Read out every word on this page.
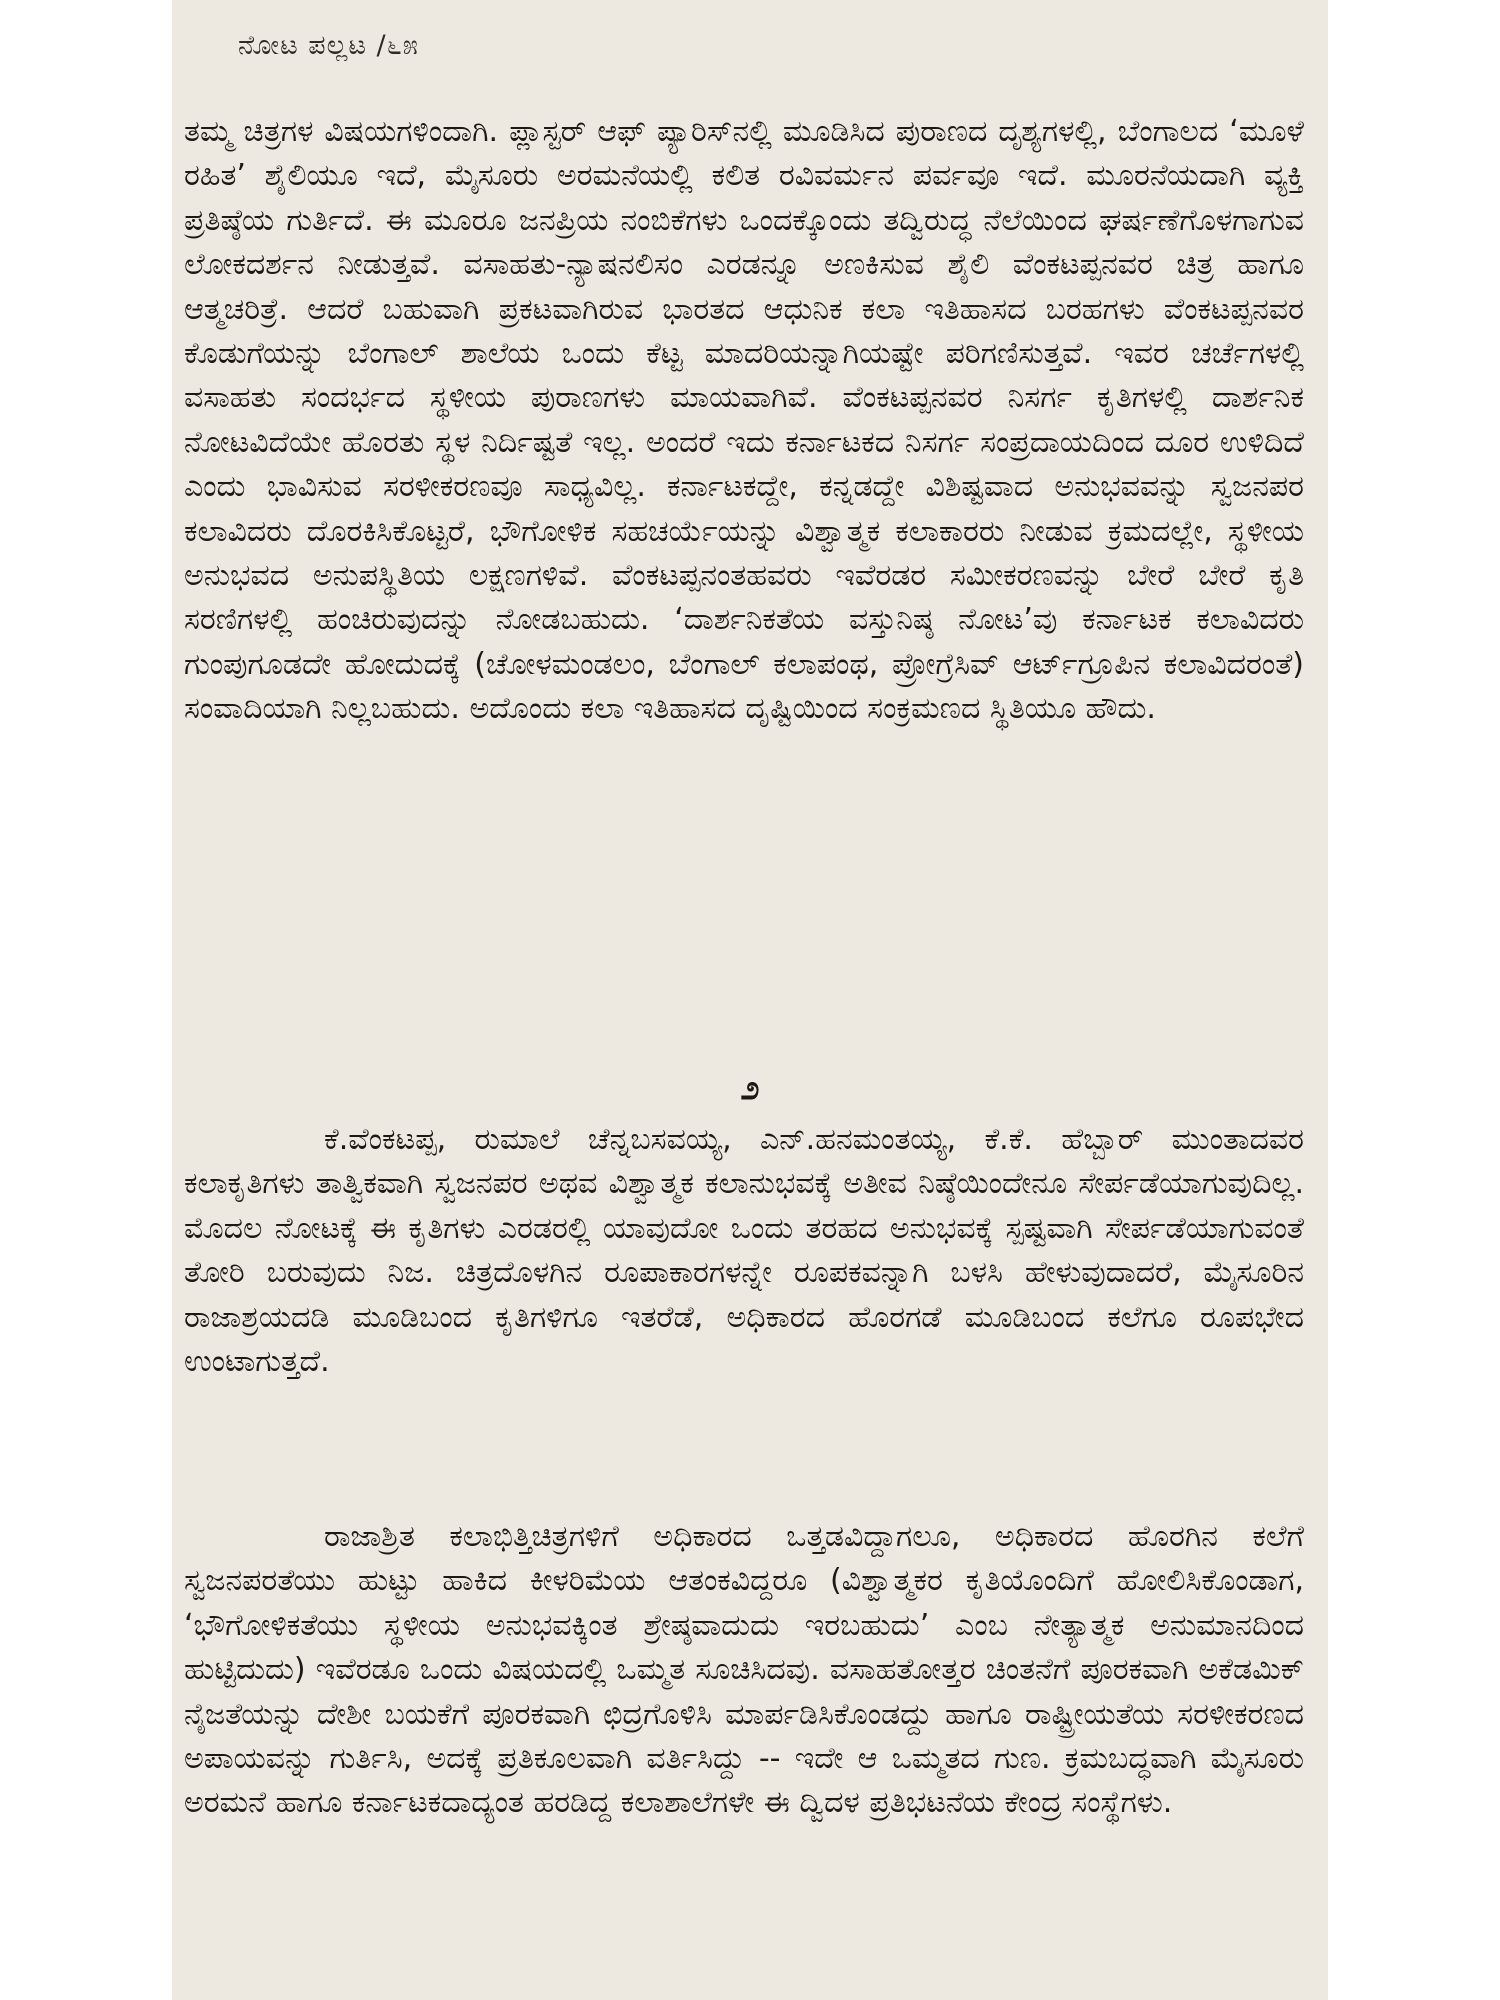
ನೋಟ ಪಲ್ಲಟ /೬೫

ತಮ್ಮ ಚಿತ್ರಗಳ ವಿಷಯಗಳಿಂದಾಗಿ. ಪ್ಲಾಸ್ಟರ್ ಆಫ್ ಪ್ಯಾರಿಸ್‌ನಲ್ಲಿ ಮೂಡಿಸಿದ ಪುರಾಣದ ದೃಶ್ಯಗಳಲ್ಲಿ, ಬೆಂಗಾಲದ ‘ಮೂಳೆ ರಹಿತ’ ಶೈಲಿಯೂ ಇದೆ, ಮೈಸೂರು ಅರಮನೆಯಲ್ಲಿ ಕಲಿತ ರವಿವರ್ಮನ ಪರ್ವವೂ ಇದೆ. ಮೂರನೆಯದಾಗಿ ವ್ಯಕ್ತಿ ಪ್ರತಿಷ್ಠೆಯ ಗುರ್ತಿದೆ. ಈ ಮೂರೂ ಜನಪ್ರಿಯ ನಂಬಿಕೆಗಳು ಒಂದಕ್ಕೊಂದು ತದ್ವಿರುದ್ಧ ನೆಲೆಯಿಂದ ಘರ್ಷಣೆಗೊಳಗಾಗುವ ಲೋಕದರ್ಶನ ನೀಡುತ್ತವೆ. ವಸಾಹತು-ನ್ಯಾಷನಲಿಸಂ ಎರಡನ್ನೂ ಅಣಕಿಸುವ ಶೈಲಿ ವೆಂಕಟಪ್ಪನವರ ಚಿತ್ರ ಹಾಗೂ ಆತ್ಮಚರಿತ್ರೆ. ಆದರೆ ಬಹುವಾಗಿ ಪ್ರಕಟವಾಗಿರುವ ಭಾರತದ ಆಧುನಿಕ ಕಲಾ ಇತಿಹಾಸದ ಬರಹಗಳು ವೆಂಕಟಪ್ಪನವರ ಕೊಡುಗೆಯನ್ನು ಬೆಂಗಾಲ್ ಶಾಲೆಯ ಒಂದು ಕೆಟ್ಟ ಮಾದರಿಯನ್ನಾಗಿಯಷ್ಟೇ ಪರಿಗಣಿಸುತ್ತವೆ. ಇವರ ಚರ್ಚೆಗಳಲ್ಲಿ ವಸಾಹತು ಸಂದರ್ಭದ ಸ್ಥಳೀಯ ಪುರಾಣಗಳು ಮಾಯವಾಗಿವೆ. ವೆಂಕಟಪ್ಪನವರ ನಿಸರ್ಗ ಕೃತಿಗಳಲ್ಲಿ ದಾರ್ಶನಿಕ ನೋಟವಿದೆಯೇ ಹೊರತು ಸ್ಥಳ ನಿರ್ದಿಷ್ಟತೆ ಇಲ್ಲ. ಅಂದರೆ ಇದು ಕರ್ನಾಟಕದ ನಿಸರ್ಗ ಸಂಪ್ರದಾಯದಿಂದ ದೂರ ಉಳಿದಿದೆ ಎಂದು ಭಾವಿಸುವ ಸರಳೀಕರಣವೂ ಸಾಧ್ಯವಿಲ್ಲ. ಕರ್ನಾಟಕದ್ದೇ, ಕನ್ನಡದ್ದೇ ವಿಶಿಷ್ಟವಾದ ಅನುಭವವನ್ನು ಸ್ವಜನಪರ ಕಲಾವಿದರು ದೊರಕಿಸಿಕೊಟ್ಟರೆ, ಭೌಗೋಳಿಕ ಸಹಚರ್ಯೆಯನ್ನು ವಿಶ್ವಾತ್ಮಕ ಕಲಾಕಾರರು ನೀಡುವ ಕ್ರಮದಲ್ಲೇ, ಸ್ಥಳೀಯ ಅನುಭವದ ಅನುಪಸ್ಥಿತಿಯ ಲಕ್ಷಣಗಳಿವೆ. ವೆಂಕಟಪ್ಪನಂತಹವರು ಇವೆರಡರ ಸಮೀಕರಣವನ್ನು ಬೇರೆ ಬೇರೆ ಕೃತಿ ಸರಣಿಗಳಲ್ಲಿ ಹಂಚಿರುವುದನ್ನು ನೋಡಬಹುದು. ‘ದಾರ್ಶನಿಕತೆಯ ವಸ್ತುನಿಷ್ಠ ನೋಟ’ವು ಕರ್ನಾಟಕ ಕಲಾವಿದರು ಗುಂಪುಗೂಡದೇ ಹೋದುದಕ್ಕೆ (ಚೋಳಮಂಡಲಂ, ಬೆಂಗಾಲ್ ಕಲಾಪಂಥ, ಪ್ರೋಗ್ರೆಸಿವ್ ಆರ್ಟ್‌ಗ್ರೂಪಿನ ಕಲಾವಿದರಂತೆ) ಸಂವಾದಿಯಾಗಿ ನಿಲ್ಲಬಹುದು. ಅದೊಂದು ಕಲಾ ಇತಿಹಾಸದ ದೃಷ್ಟಿಯಿಂದ ಸಂಕ್ರಮಣದ ಸ್ಥಿತಿಯೂ ಹೌದು.

೨

ಕೆ.ವೆಂಕಟಪ್ಪ, ರುಮಾಲೆ ಚೆನ್ನಬಸವಯ್ಯ, ಎನ್.ಹನಮಂತಯ್ಯ, ಕೆ.ಕೆ. ಹೆಬ್ಬಾರ್ ಮುಂತಾದವರ ಕಲಾಕೃತಿಗಳು ತಾತ್ವಿಕವಾಗಿ ಸ್ವಜನಪರ ಅಥವ ವಿಶ್ವಾತ್ಮಕ ಕಲಾನುಭವಕ್ಕೆ ಅತೀವ ನಿಷ್ಠೆಯಿಂದೇನೂ ಸೇರ್ಪಡೆಯಾಗುವುದಿಲ್ಲ. ಮೊದಲ ನೋಟಕ್ಕೆ ಈ ಕೃತಿಗಳು ಎರಡರಲ್ಲಿ ಯಾವುದೋ ಒಂದು ತರಹದ ಅನುಭವಕ್ಕೆ ಸ್ಪಷ್ಟವಾಗಿ ಸೇರ್ಪಡೆಯಾಗುವಂತೆ ತೋರಿ ಬರುವುದು ನಿಜ. ಚಿತ್ರದೊಳಗಿನ ರೂಪಾಕಾರಗಳನ್ನೇ ರೂಪಕವನ್ನಾಗಿ ಬಳಸಿ ಹೇಳುವುದಾದರೆ, ಮೈಸೂರಿನ ರಾಜಾಶ್ರಯದಡಿ ಮೂಡಿಬಂದ ಕೃತಿಗಳಿಗೂ ಇತರೆಡೆ, ಅಧಿಕಾರದ ಹೊರಗಡೆ ಮೂಡಿಬಂದ ಕಲೆಗೂ ರೂಪಭೇದ ಉಂಟಾಗುತ್ತದೆ.

ರಾಜಾಶ್ರಿತ ಕಲಾಭಿತ್ತಿಚಿತ್ರಗಳಿಗೆ ಅಧಿಕಾರದ ಒತ್ತಡವಿದ್ದಾಗಲೂ, ಅಧಿಕಾರದ ಹೊರಗಿನ ಕಲೆಗೆ ಸ್ವಜನಪರತೆಯು ಹುಟ್ಟು ಹಾಕಿದ ಕೀಳರಿಮೆಯ ಆತಂಕವಿದ್ದರೂ (ವಿಶ್ವಾತ್ಮಕರ ಕೃತಿಯೊಂದಿಗೆ ಹೋಲಿಸಿಕೊಂಡಾಗ, ‘ಭೌಗೋಳಿಕತೆಯು ಸ್ಥಳೀಯ ಅನುಭವಕ್ಕಿಂತ ಶ್ರೇಷ್ಠವಾದುದು ಇರಬಹುದು’ ಎಂಬ ನೇತ್ಯಾತ್ಮಕ ಅನುಮಾನದಿಂದ ಹುಟ್ಟಿದುದು) ಇವೆರಡೂ ಒಂದು ವಿಷಯದಲ್ಲಿ ಒಮ್ಮತ ಸೂಚಿಸಿದವು. ವಸಾಹತೋತ್ತರ ಚಿಂತನೆಗೆ ಪೂರಕವಾಗಿ ಅಕೆಡಮಿಕ್ ನೈಜತೆಯನ್ನು ದೇಶೀ ಬಯಕೆಗೆ ಪೂರಕವಾಗಿ ಛಿದ್ರಗೊಳಿಸಿ ಮಾರ್ಪಡಿಸಿಕೊಂಡದ್ದು ಹಾಗೂ ರಾಷ್ಟ್ರೀಯತೆಯ ಸರಳೀಕರಣದ ಅಪಾಯವನ್ನು ಗುರ್ತಿಸಿ, ಅದಕ್ಕೆ ಪ್ರತಿಕೂಲವಾಗಿ ವರ್ತಿಸಿದ್ದು -- ಇದೇ ಆ ಒಮ್ಮತದ ಗುಣ. ಕ್ರಮಬದ್ಧವಾಗಿ ಮೈಸೂರು ಅರಮನೆ ಹಾಗೂ ಕರ್ನಾಟಕದಾದ್ಯಂತ ಹರಡಿದ್ದ ಕಲಾಶಾಲೆಗಳೇ ಈ ದ್ವಿದಳ ಪ್ರತಿಭಟನೆಯ ಕೇಂದ್ರ ಸಂಸ್ಥೆಗಳು.
